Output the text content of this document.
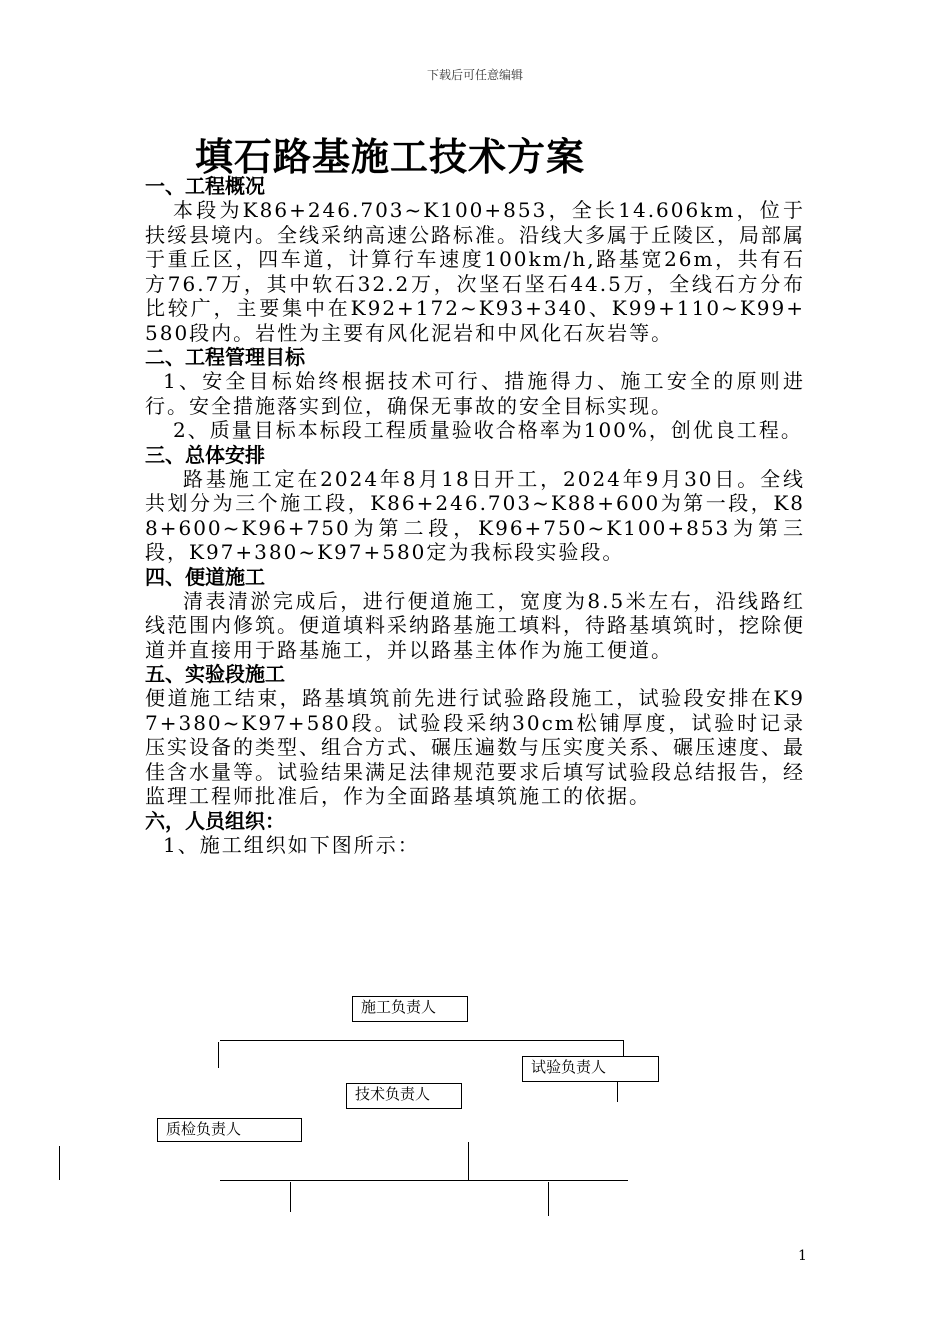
下载后可任意编辑
填石路基施工技术方案
一、工程概况
本段为K86+246.703~K100+853，全长14.606km，位于扶绥县境内。全线采纳高速公路标准。沿线大多属于丘陵区，局部属于重丘区，四车道，计算行车速度100km/h,路基宽26m，共有石方76.7万，其中软石32.2万，次坚石坚石44.5万，全线石方分布比较广，主要集中在K92+172~K93+340、K99+110~K99+580段内。岩性为主要有风化泥岩和中风化石灰岩等。
二、工程管理目标
1、安全目标始终根据技术可行、措施得力、施工安全的原则进行。安全措施落实到位，确保无事故的安全目标实现。
2、质量目标本标段工程质量验收合格率为100%，创优良工程。
三、总体安排
路基施工定在2024年8月18日开工，2024年9月30日。全线共划分为三个施工段，K86+246.703~K88+600为第一段，K88+600~K96+750为第二段，K96+750~K100+853为第三段，K97+380~K97+580定为我标段实验段。
四、便道施工
清表清淤完成后，进行便道施工，宽度为8.5米左右，沿线路红线范围内修筑。便道填料采纳路基施工填料，待路基填筑时，挖除便道并直接用于路基施工，并以路基主体作为施工便道。
五、实验段施工
便道施工结束，路基填筑前先进行试验路段施工，试验段安排在K97+380~K97+580段。试验段采纳30cm松铺厚度，试验时记录压实设备的类型、组合方式、碾压遍数与压实度关系、碾压速度、最佳含水量等。试验结果满足法律规范要求后填写试验段总结报告，经监理工程师批准后，作为全面路基填筑施工的依据。
六，人员组织：
1、施工组织如下图所示：
施工负责人
试验负责人
技术负责人
质检负责人
1
